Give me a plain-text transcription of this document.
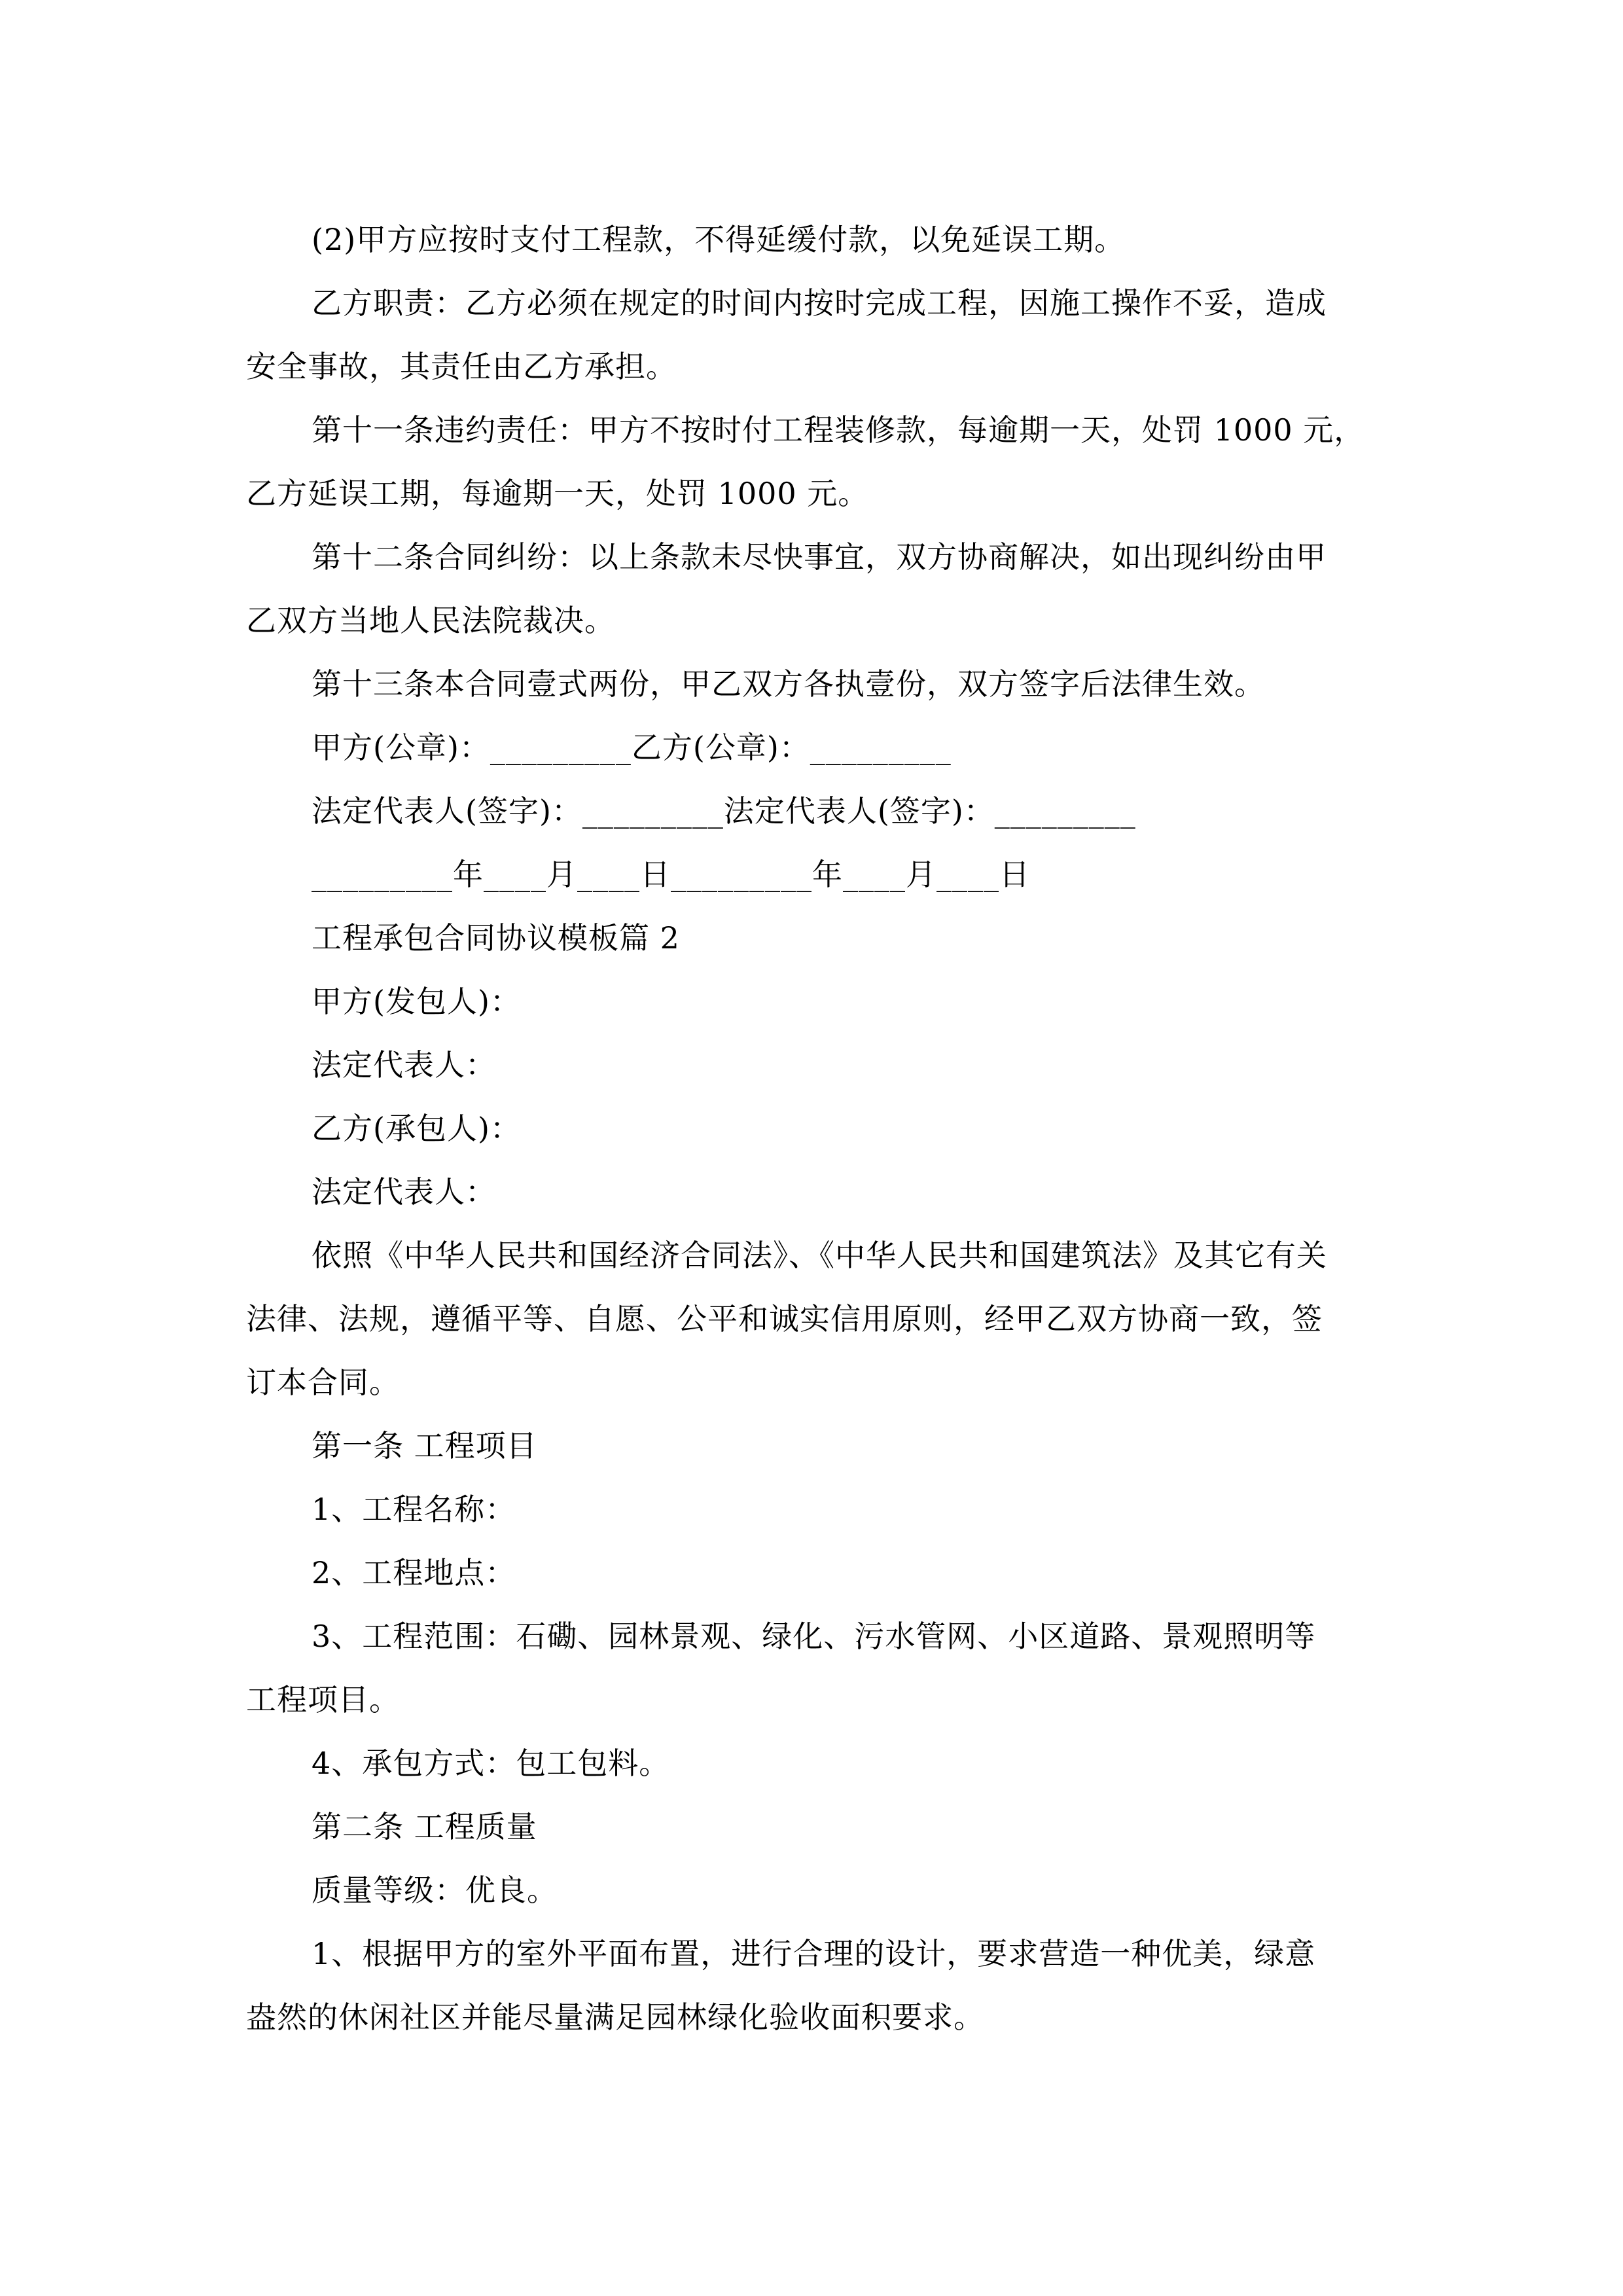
(2)甲方应按时支付工程款，不得延缓付款，以免延误工期。

乙方职责：乙方必须在规定的时间内按时完成工程，因施工操作不妥，造成

安全事故，其责任由乙方承担。

第十一条违约责任：甲方不按时付工程装修款，每逾期一天，处罚 1000 元，

乙方延误工期，每逾期一天，处罚 1000 元。

第十二条合同纠纷：以上条款未尽快事宜，双方协商解决，如出现纠纷由甲

乙双方当地人民法院裁决。

第十三条本合同壹式两份，甲乙双方各执壹份，双方签字后法律生效。

甲方(公章)：_________乙方(公章)：_________

法定代表人(签字)：_________法定代表人(签字)：_________

_________年____月____日_________年____月____日

工程承包合同协议模板篇 2

甲方(发包人)：

法定代表人：

乙方(承包人)：

法定代表人：

依照《中华人民共和国经济合同法》、《中华人民共和国建筑法》及其它有关

法律、法规，遵循平等、自愿、公平和诚实信用原则，经甲乙双方协商一致，签

订本合同。

第一条 工程项目

1、工程名称：

2、工程地点：

3、工程范围：石磡、园林景观、绿化、污水管网、小区道路、景观照明等

工程项目。

4、承包方式：包工包料。

第二条 工程质量

质量等级：优良。

1、根据甲方的室外平面布置，进行合理的设计，要求营造一种优美，绿意

盎然的休闲社区并能尽量满足园林绿化验收面积要求。
